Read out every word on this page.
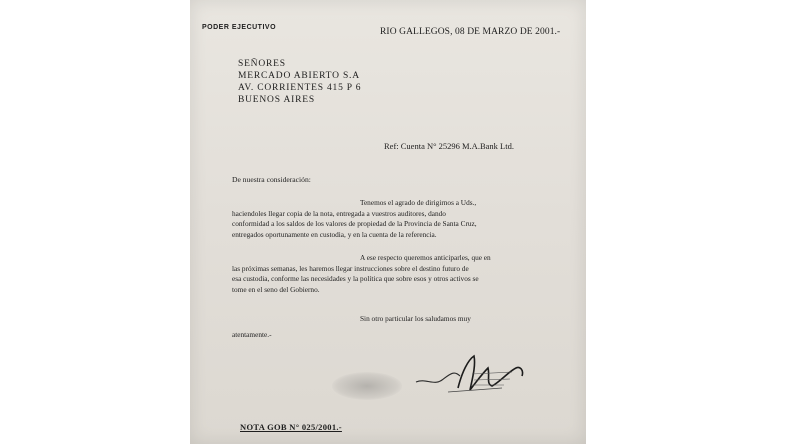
PODER EJECUTIVO	RIO GALLEGOS, 08 DE MARZO DE 2001.-
SEÑORES
MERCADO ABIERTO S.A
AV. CORRIENTES 415 P 6
BUENOS AIRES
Ref: Cuenta N° 25296 M.A.Bank Ltd.
De nuestra consideración:
Tenemos el agrado de dirigirnos a Uds.,
haciendoles llegar copia de la nota, entregada a vuestros auditores, dando
conformidad a los saldos de los valores de propiedad de la Provincia de Santa Cruz,
entregados oportunamente en custodia, y en la cuenta de la referencia.
A ese respecto queremos anticiparles, que en
las próximas semanas, les haremos llegar instrucciones sobre el destino futuro de
esa custodia, conforme las necesidades y la política que sobre esos y otros activos se
tome en el seno del Gobierno.
Sin otro particular los saludamos muy
atentamente.-
NOTA GOB N° 025/2001.-
